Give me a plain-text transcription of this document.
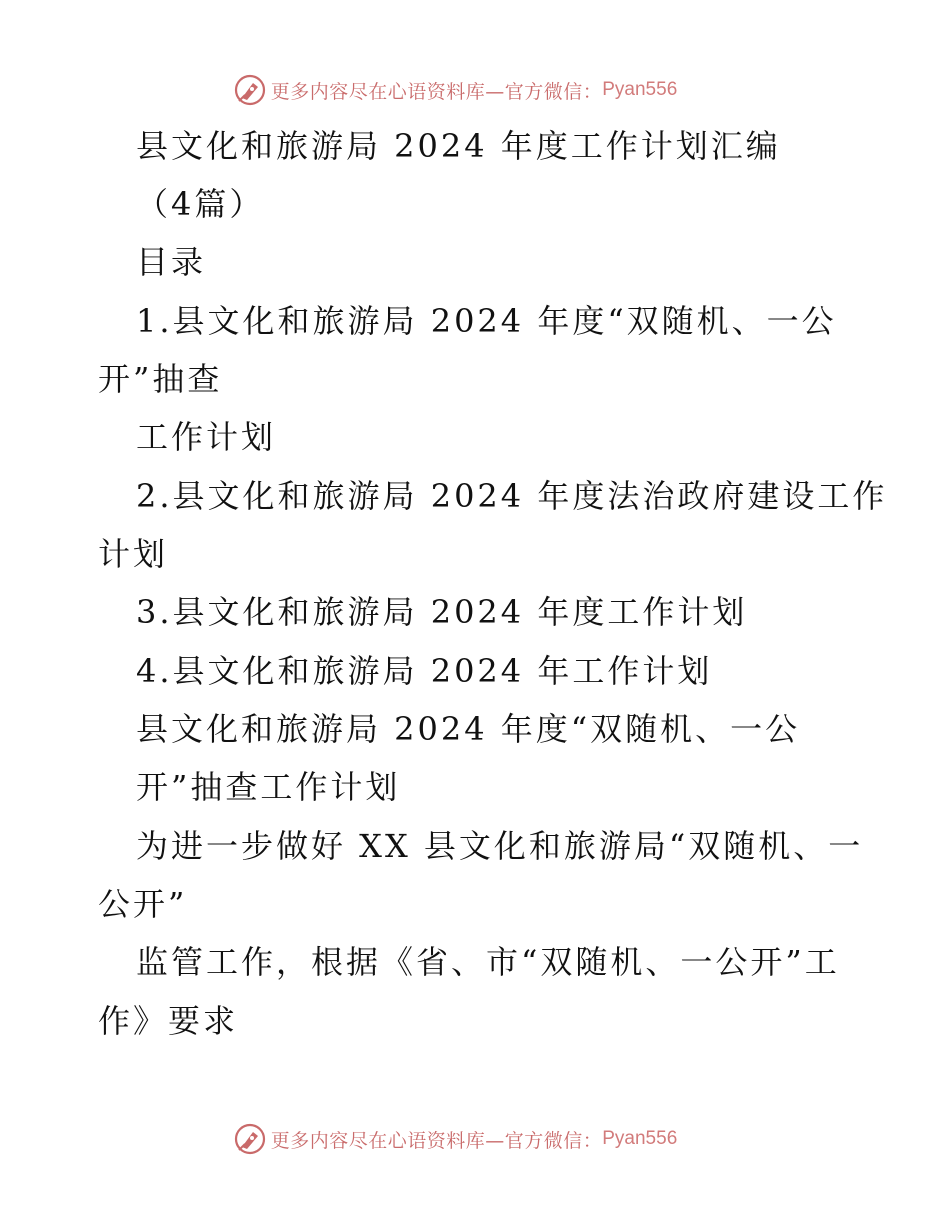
更多内容尽在心语资料库—官方微信： Pyan556
县文化和旅游局 2024 年度工作计划汇编
（4篇）
目录
1.县文化和旅游局 2024 年度“双随机、一公
开”抽查
工作计划
2.县文化和旅游局 2024 年度法治政府建设工作
计划
3.县文化和旅游局 2024 年度工作计划
4.县文化和旅游局 2024 年工作计划
县文化和旅游局 2024 年度“双随机、一公
开”抽查工作计划
为进一步做好 XX 县文化和旅游局“双随机、一
公开”
监管工作，根据《省、市“双随机、一公开”工
作》要求
更多内容尽在心语资料库—官方微信： Pyan556
